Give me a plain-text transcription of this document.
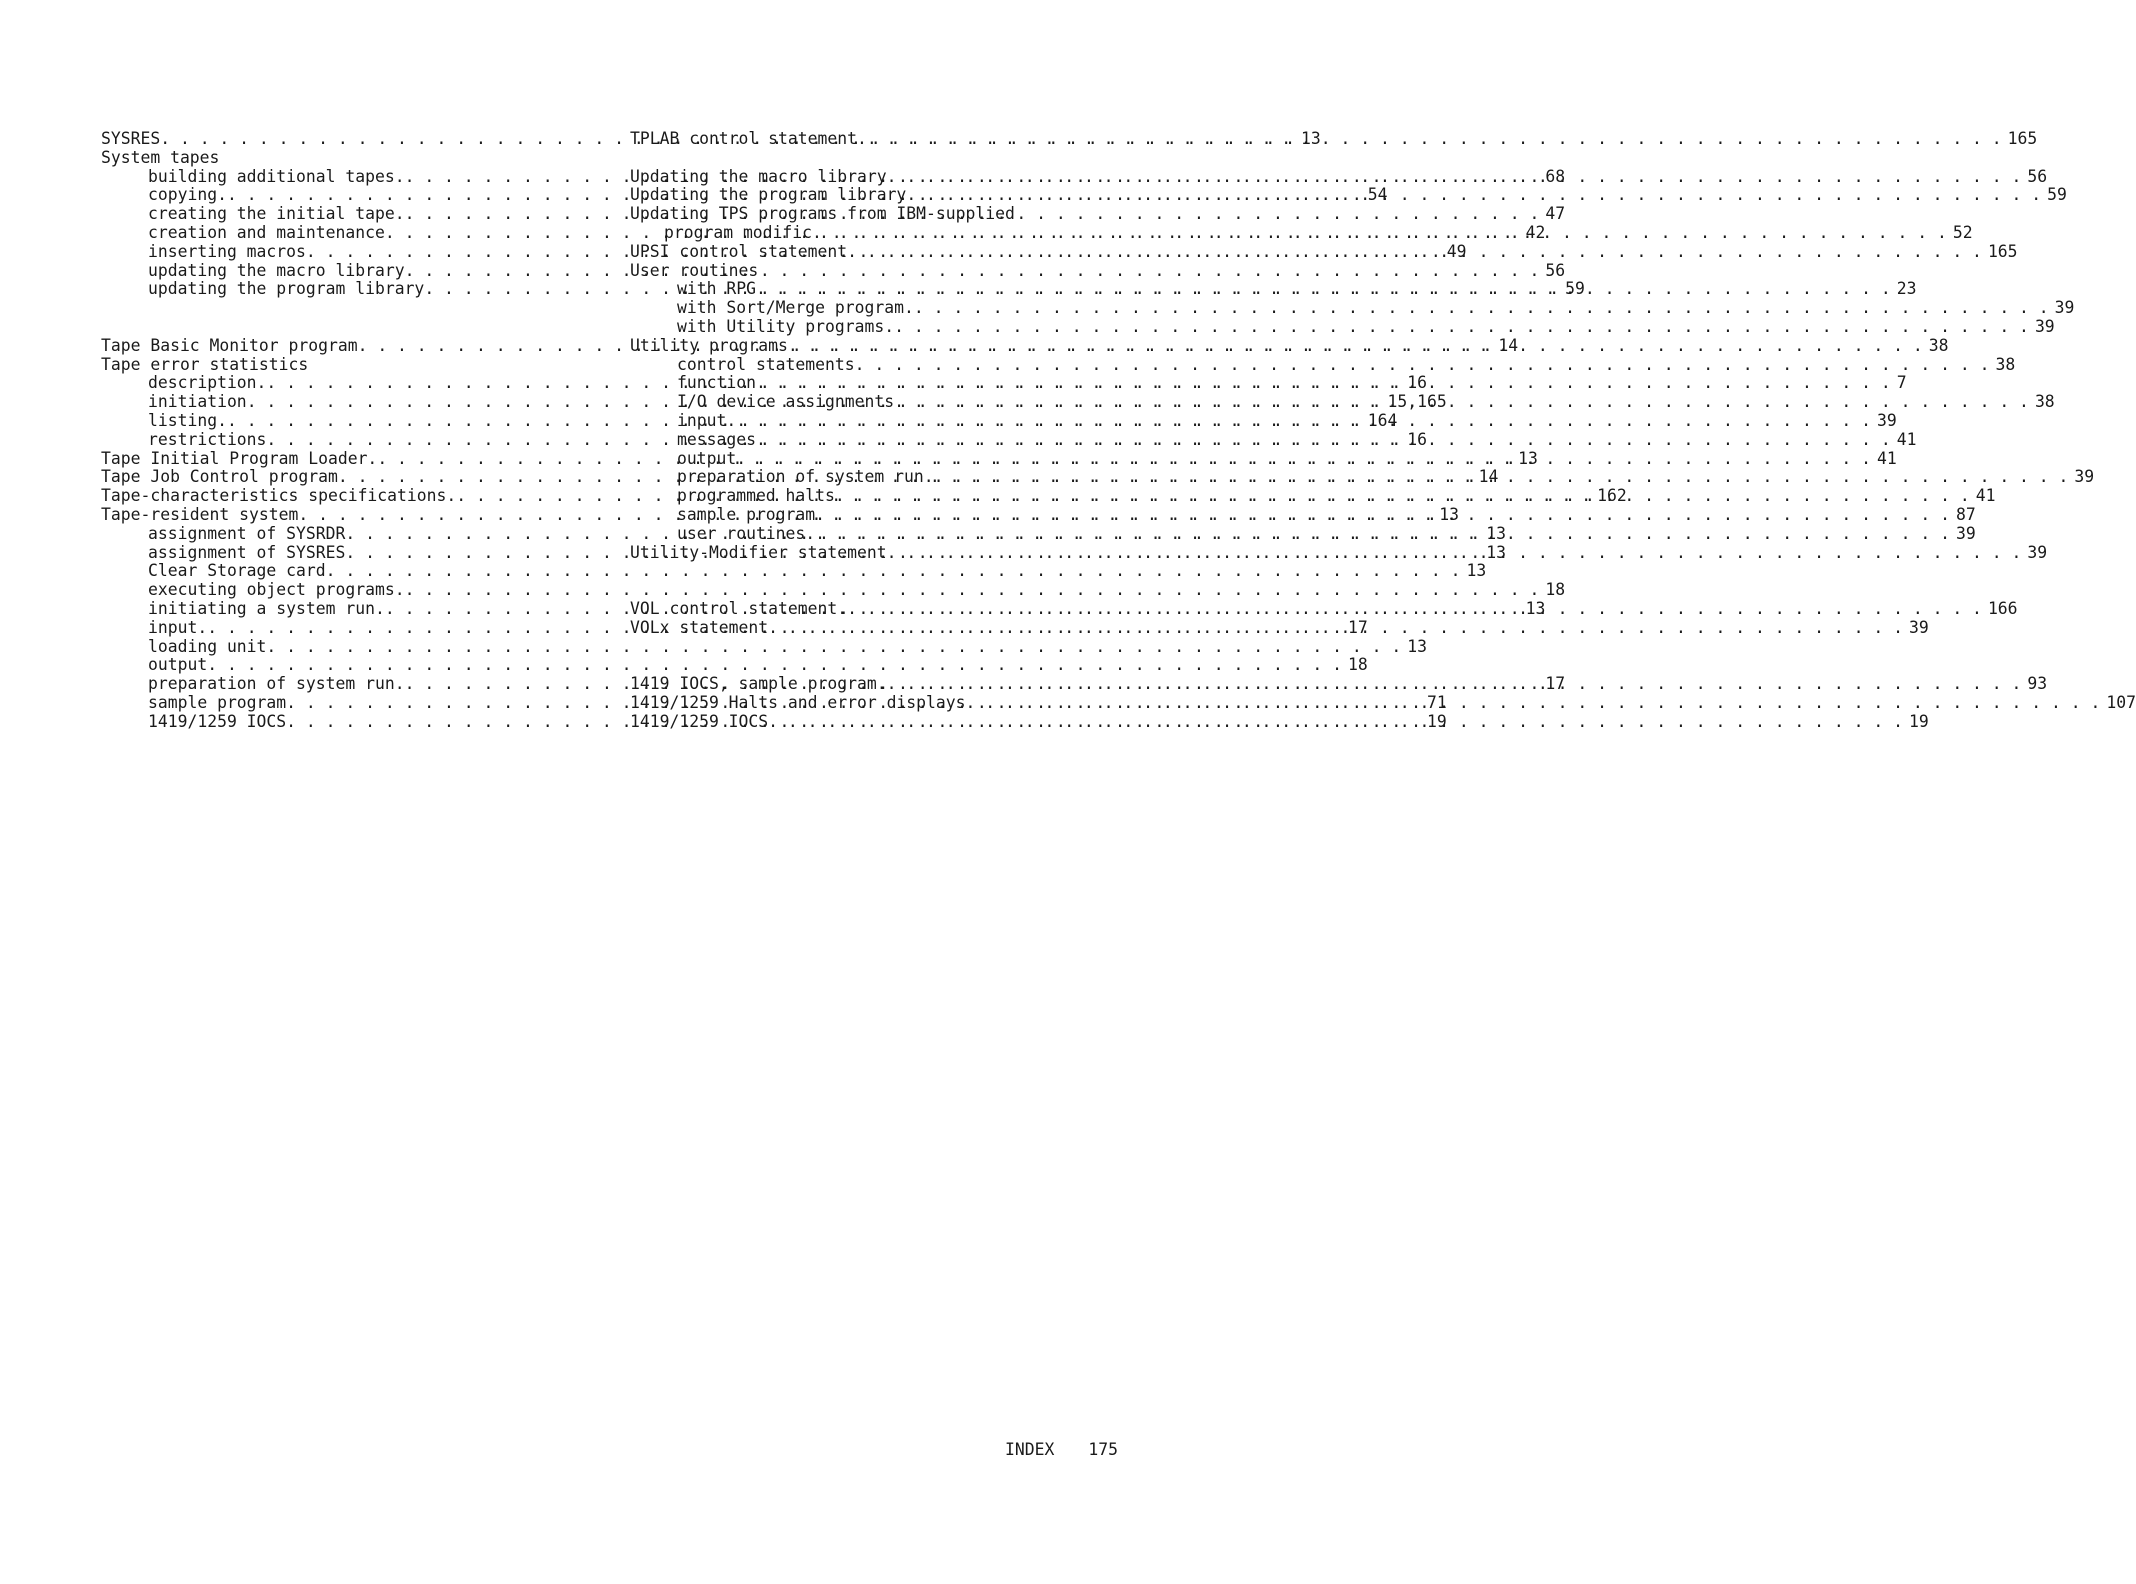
SYSRES . . .	13
System tapes
building additional tapes. . . .	68
copying. . . .	54
creating the initial tape. . . .	47
creation and maintenance . . .	42
inserting macros . . .	49
updating the macro library . . .	56
updating the program library . . .	59
Tape Basic Monitor program . . .	14
Tape error statistics
description. . . .	16
initiation . . .	15,165
listing. . . .	164
restrictions . . .	16
Tape Initial Program Loader. . . .	13
Tape Job Control program . . .	14
Tape-characteristics specifications. . . .	162
Tape-resident system . . .	13
assignment of SYSRDR . . .	13
assignment of SYSRES . . .	13
Clear Storage card . . .	13
executing object programs. . . .	18
initiating a system run. . . .	13
input. . . .	17
loading unit . . .	13
output . . .	18
preparation of system run. . . .	17
sample program . . .	71
1419/1259 IOCS . . .	19
TPLAB control statement. . . .	165
Updating the macro library . . .	56
Updating the program library . . .	59
Updating TPS programs from IBM-supplied
program modific . . .	52
UPSI control statement . . .	165
User routines
with RPG . . .	23
with Sort/Merge program. . . .	39
with Utility programs. . . .	39
Utility programs . . .	38
control statements . . .	38
function . . .	7
I/O device assignments . . .	38
input. . . .	39
messages . . .	41
output . . .	41
preparation of system run. . . .	39
programmed halts . . .	41
sample program . . .	87
user routines. . . .	39
Utility-Modifier statement . . .	39
VOL control statement. . . .	166
VOLx statement . . .	39
1419 IOCS, sample program. . . .	93
1419/1259 Halts and error displays . . .	107
1419/1259 IOCS . . .	19
INDEX 175
